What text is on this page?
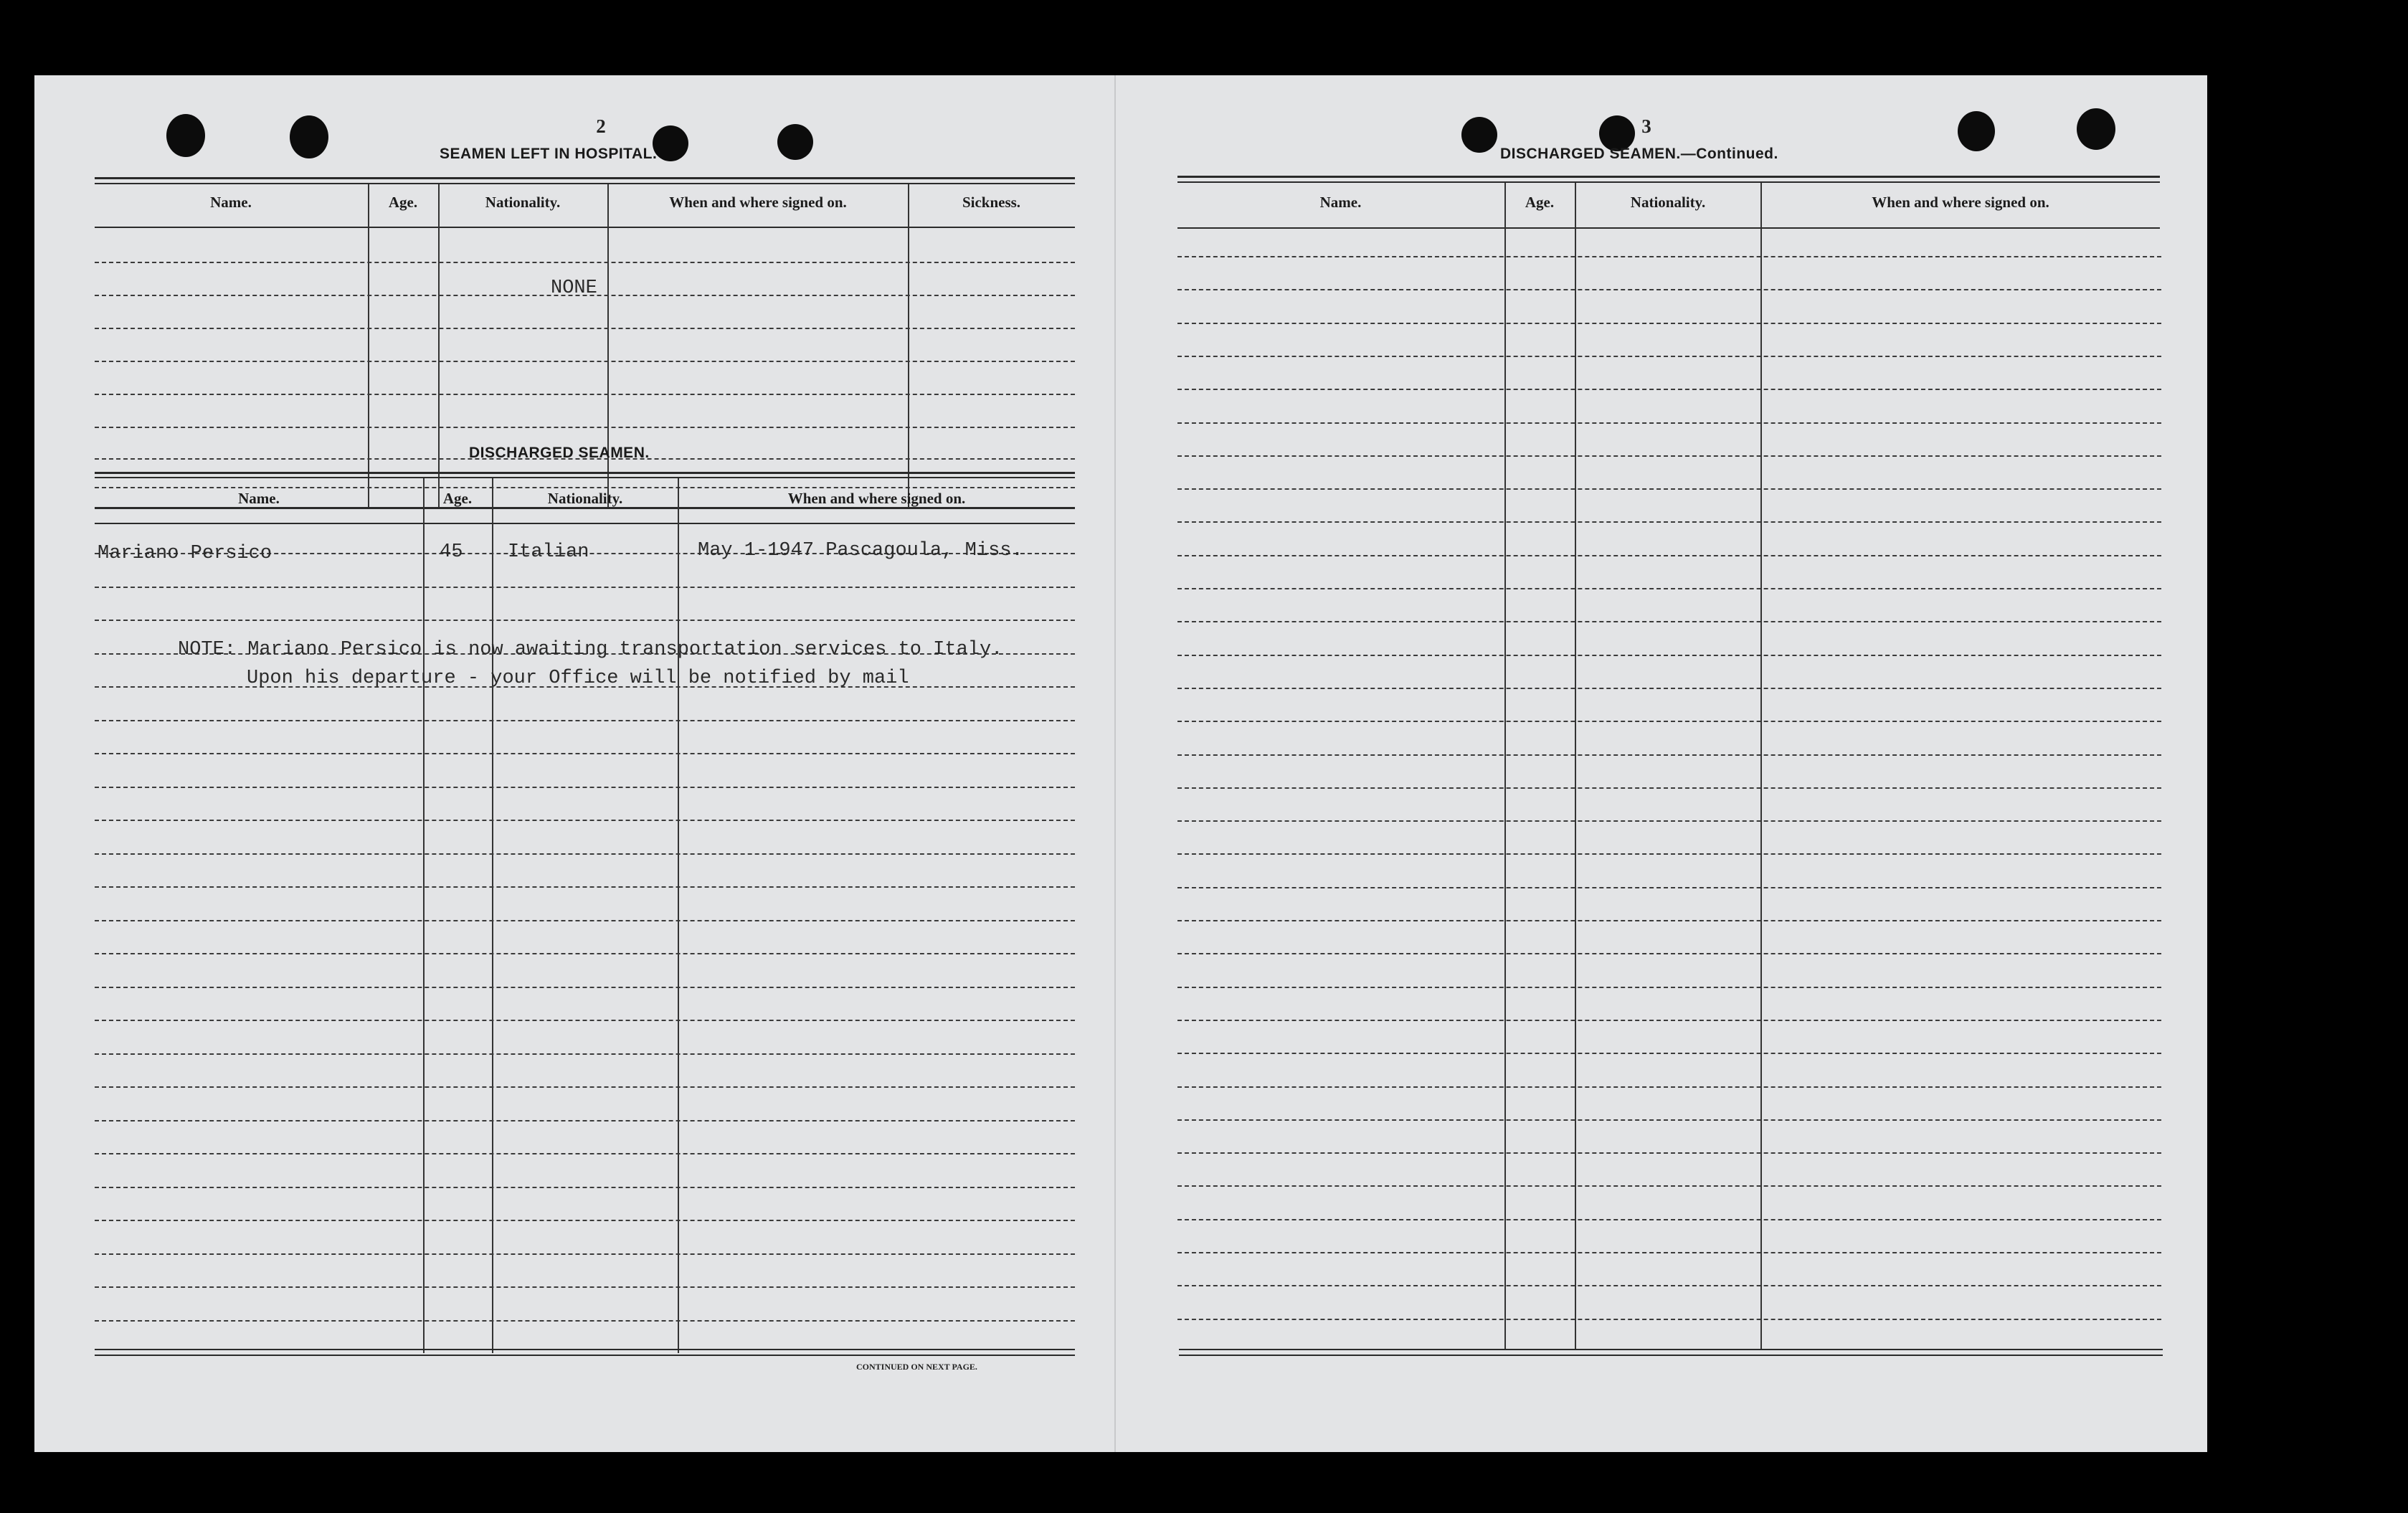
2
SEAMEN LEFT IN HOSPITAL.
Name.	Age.	Nationality.	When and where signed on.	Sickness.
NONE
DISCHARGED SEAMEN.
Name.	Age.	Nationality.	When and where signed on.
Mariano Persico	45 Italian	May 1-1947 Pascagoula, Miss.
NOTE: Mariano Persico is now awaiting transportation services to Italy.
Upon his departure - your Office will be notified by mail
CONTINUED ON NEXT PAGE.
3
DISCHARGED SEAMEN.—Continued.
Name.	Age.	Nationality.	When and where signed on.
